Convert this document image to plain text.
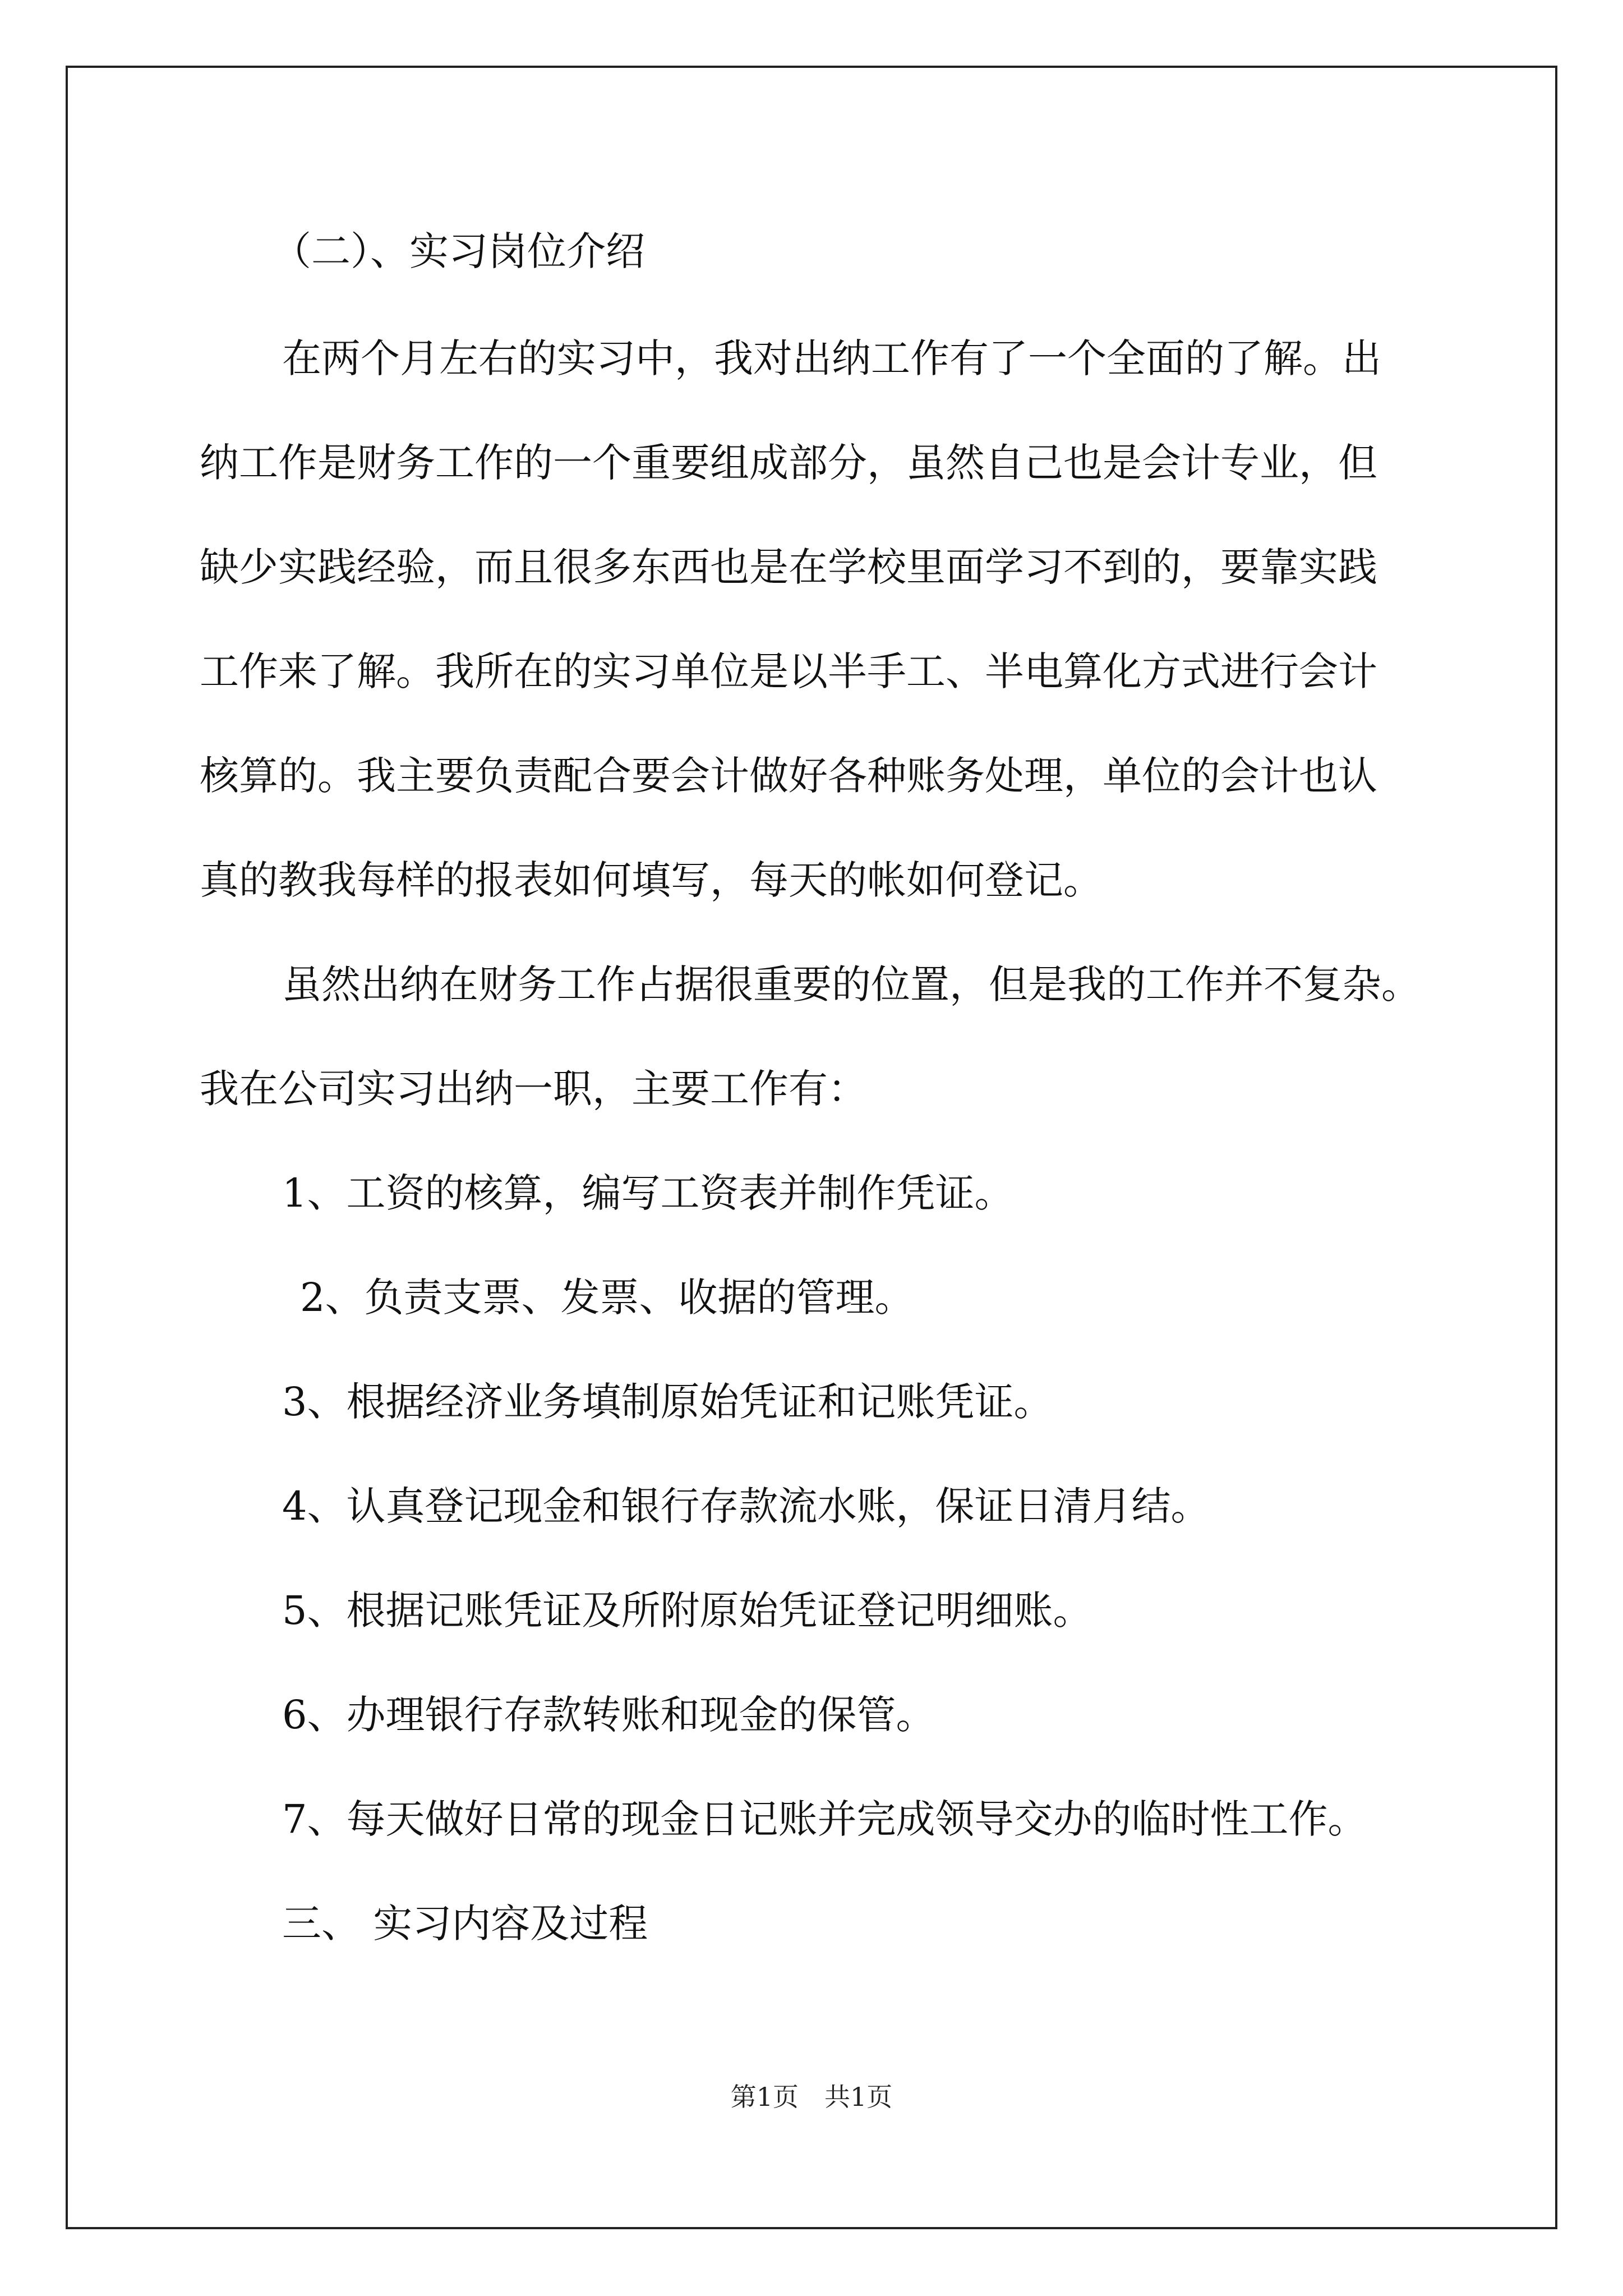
（二）、实习岗位介绍
在两个月左右的实习中，我对出纳工作有了一个全面的了解。出
纳工作是财务工作的一个重要组成部分，虽然自己也是会计专业，但
缺少实践经验，而且很多东西也是在学校里面学习不到的，要靠实践
工作来了解。我所在的实习单位是以半手工、半电算化方式进行会计
核算的。我主要负责配合要会计做好各种账务处理，单位的会计也认
真的教我每样的报表如何填写，每天的帐如何登记。
虽然出纳在财务工作占据很重要的位置，但是我的工作并不复杂。
我在公司实习出纳一职，主要工作有：
1、工资的核算，编写工资表并制作凭证。
2、负责支票、发票、收据的管理。
3、根据经济业务填制原始凭证和记账凭证。
4、认真登记现金和银行存款流水账，保证日清月结。
5、根据记账凭证及所附原始凭证登记明细账。
6、办理银行存款转账和现金的保管。
7、每天做好日常的现金日记账并完成领导交办的临时性工作。
三、 实习内容及过程
第1页　共1页
